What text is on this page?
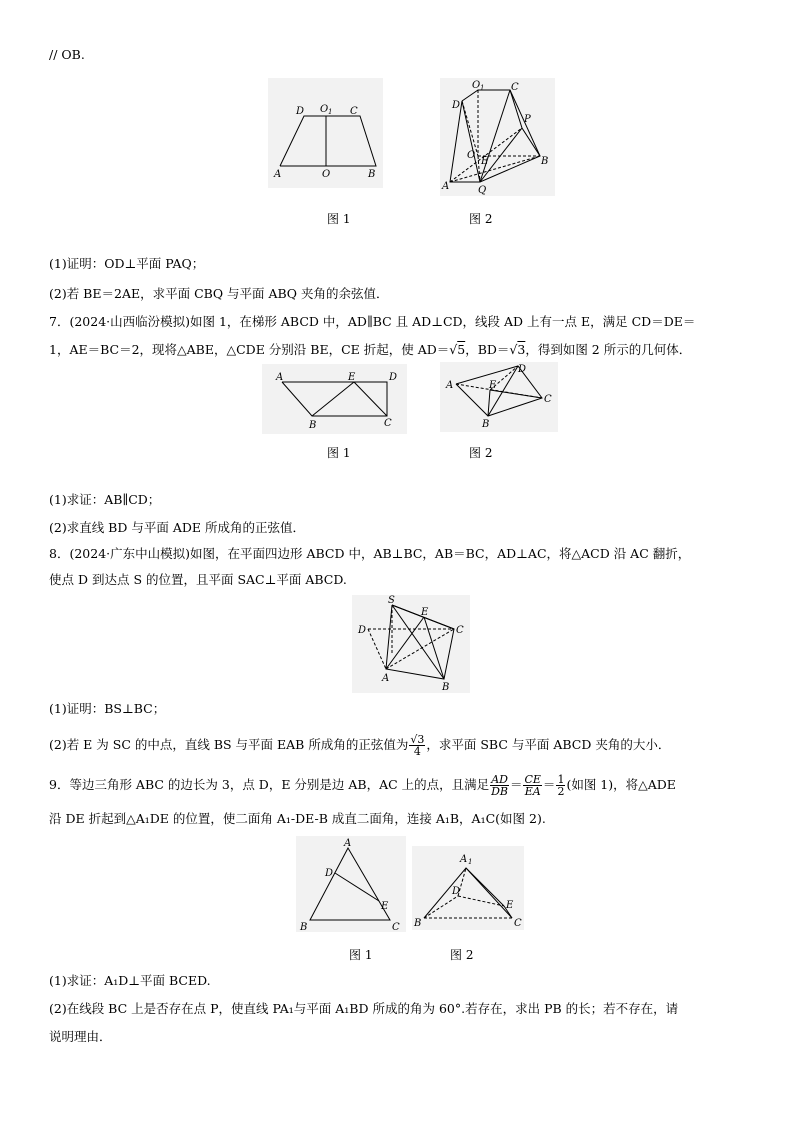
// OB.
D O 1 C
A	O	B
O 1	C
D
P
O
E	B
A	Q
图 1	图 2
(1)证明：OD⊥平面 PAQ；
(2)若 BE＝2AE，求平面 CBQ 与平面 ABQ 夹角的余弦值．
7．(2024·山西临汾模拟)如图 1，在梯形 ABCD 中，AD∥BC 且 AD⊥CD，线段 AD 上有一点 E，满足 CD＝DE＝
1，AE＝BC＝2，现将△ABE，△CDE 分别沿 BE，CE 折起，使 AD＝√5，BD＝√3，得到如图 2 所示的几何体．
A	E	D
B	C
A	E
D
C
B
图 1	图 2
(1)求证：AB∥CD；
(2)求直线 BD 与平面 ADE 所成角的正弦值．
8．(2024·广东中山模拟)如图，在平面四边形 ABCD 中，AB⊥BC，AB＝BC，AD⊥AC，将△ACD 沿 AC 翻折，
使点 D 到达点 S 的位置，且平面 SAC⊥平面 ABCD.
S
E
D	C
A
B
(1)证明：BS⊥BC；
(2)若 E 为 SC 的中点，直线 BS 与平面 EAB 所成角的正弦值为 $\frac{√3}{4}$ ，求平面 SBC 与平面 ABCD 夹角的大小．
9．等边三角形 ABC 的边长为 3，点 D，E 分别是边 AB，AC 上的点，且满足 $\frac{AD}{DB} = \frac{CE}{EA} = \frac{1}{2}$ (如图 1)，将△ADE
沿 DE 折起到△A₁DE 的位置，使二面角 A₁-DE-B 成直二面角，连接 A₁B，A₁C(如图 2).
A
D
E
B	C
A 1
D
E
B	C
图 1	图 2
(1)求证：A₁D⊥平面 BCED.
(2)在线段 BC 上是否存在点 P，使直线 PA₁与平面 A₁BD 所成的角为 60°.若存在，求出 PB 的长；若不存在，请
说明理由．
